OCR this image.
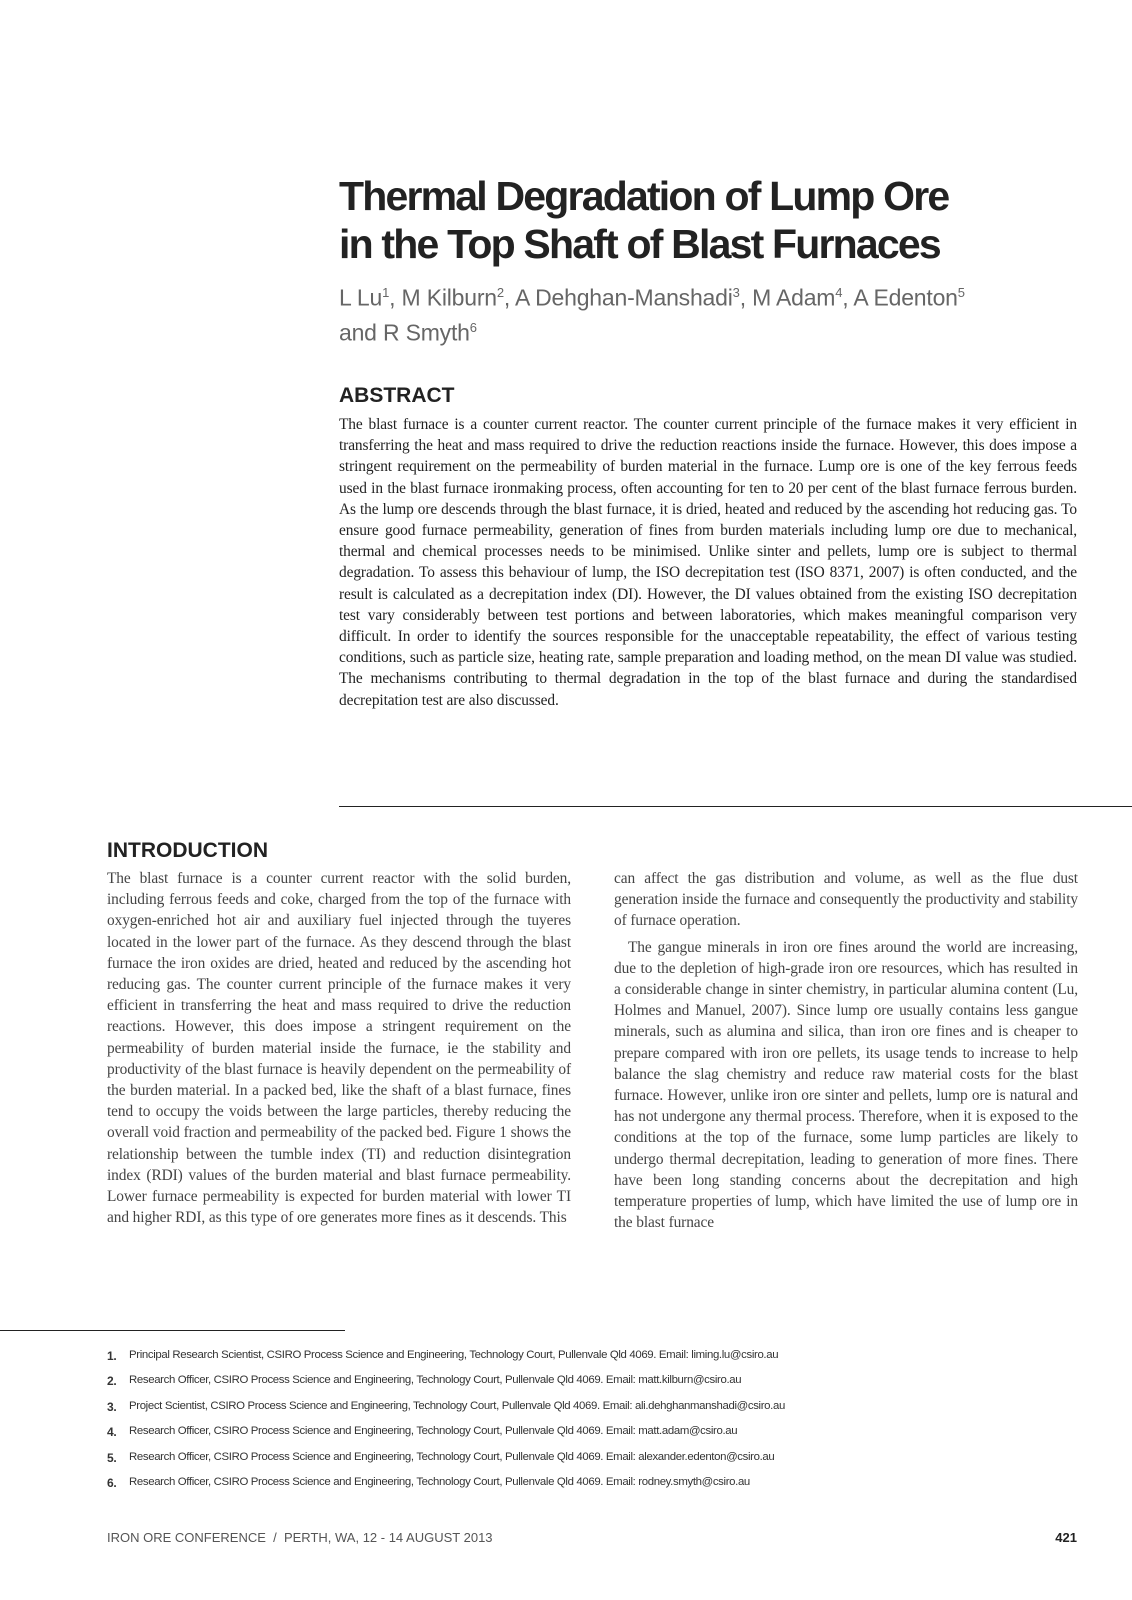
Thermal Degradation of Lump Ore
in the Top Shaft of Blast Furnaces
L Lu$^1$, M Kilburn$^2$, A Dehghan-Manshadi$^3$, M Adam$^4$, A Edenton$^5$
and R Smyth$^6$
ABSTRACT

The blast furnace is a counter current reactor. The counter current principle of the furnace makes it very efficient in transferring the heat and mass required to drive the reduction reactions inside the furnace. However, this does impose a stringent requirement on the permeability of burden material in the furnace. Lump ore is one of the key ferrous feeds used in the blast furnace ironmaking process, often accounting for ten to 20 per cent of the blast furnace ferrous burden. As the lump ore descends through the blast furnace, it is dried, heated and reduced by the ascending hot reducing gas. To ensure good furnace permeability, generation of fines from burden materials including lump ore due to mechanical, thermal and chemical processes needs to be minimised. Unlike sinter and pellets, lump ore is subject to thermal degradation. To assess this behaviour of lump, the ISO decrepitation test (ISO 8371, 2007) is often conducted, and the result is calculated as a decrepitation index (DI). However, the DI values obtained from the existing ISO decrepitation test vary considerably between test portions and between laboratories, which makes meaningful comparison very difficult. In order to identify the sources responsible for the unacceptable repeatability, the effect of various testing conditions, such as particle size, heating rate, sample preparation and loading method, on the mean DI value was studied. The mechanisms contributing to thermal degradation in the top of the blast furnace and during the standardised decrepitation test are also discussed.

INTRODUCTION

The blast furnace is a counter current reactor with the solid burden, including ferrous feeds and coke, charged from the top of the furnace with oxygen-enriched hot air and auxiliary fuel injected through the tuyeres located in the lower part of the furnace. As they descend through the blast furnace the iron oxides are dried, heated and reduced by the ascending hot reducing gas. The counter current principle of the furnace makes it very efficient in transferring the heat and mass required to drive the reduction reactions. However, this does impose a stringent requirement on the permeability of burden material inside the furnace, ie the stability and productivity of the blast furnace is heavily dependent on the permeability of the burden material. In a packed bed, like the shaft of a blast furnace, fines tend to occupy the voids between the large particles, thereby reducing the overall void fraction and permeability of the packed bed. Figure 1 shows the relationship between the tumble index (TI) and reduction disintegration index (RDI) values of the burden material and blast furnace permeability. Lower furnace permeability is expected for burden material with lower TI and higher RDI, as this type of ore generates more fines as it descends. This

can affect the gas distribution and volume, as well as the flue dust generation inside the furnace and consequently the productivity and stability of furnace operation.

The gangue minerals in iron ore fines around the world are increasing, due to the depletion of high-grade iron ore resources, which has resulted in a considerable change in sinter chemistry, in particular alumina content (Lu, Holmes and Manuel, 2007). Since lump ore usually contains less gangue minerals, such as alumina and silica, than iron ore fines and is cheaper to prepare compared with iron ore pellets, its usage tends to increase to help balance the slag chemistry and reduce raw material costs for the blast furnace. However, unlike iron ore sinter and pellets, lump ore is natural and has not undergone any thermal process. Therefore, when it is exposed to the conditions at the top of the furnace, some lump particles are likely to undergo thermal decrepitation, leading to generation of more fines. There have been long standing concerns about the decrepitation and high temperature properties of lump, which have limited the use of lump ore in the blast furnace

1.	Principal Research Scientist, CSIRO Process Science and Engineering, Technology Court, Pullenvale Qld 4069. Email: liming.lu@csiro.au
2.	Research Officer, CSIRO Process Science and Engineering, Technology Court, Pullenvale Qld 4069. Email: matt.kilburn@csiro.au
3.	Project Scientist, CSIRO Process Science and Engineering, Technology Court, Pullenvale Qld 4069. Email: ali.dehghanmanshadi@csiro.au
4.	Research Officer, CSIRO Process Science and Engineering, Technology Court, Pullenvale Qld 4069. Email: matt.adam@csiro.au
5.	Research Officer, CSIRO Process Science and Engineering, Technology Court, Pullenvale Qld 4069. Email: alexander.edenton@csiro.au
6.	Research Officer, CSIRO Process Science and Engineering, Technology Court, Pullenvale Qld 4069. Email: rodney.smyth@csiro.au
IRON ORE CONFERENCE  /  PERTH, WA, 12 - 14 AUGUST 2013	421
